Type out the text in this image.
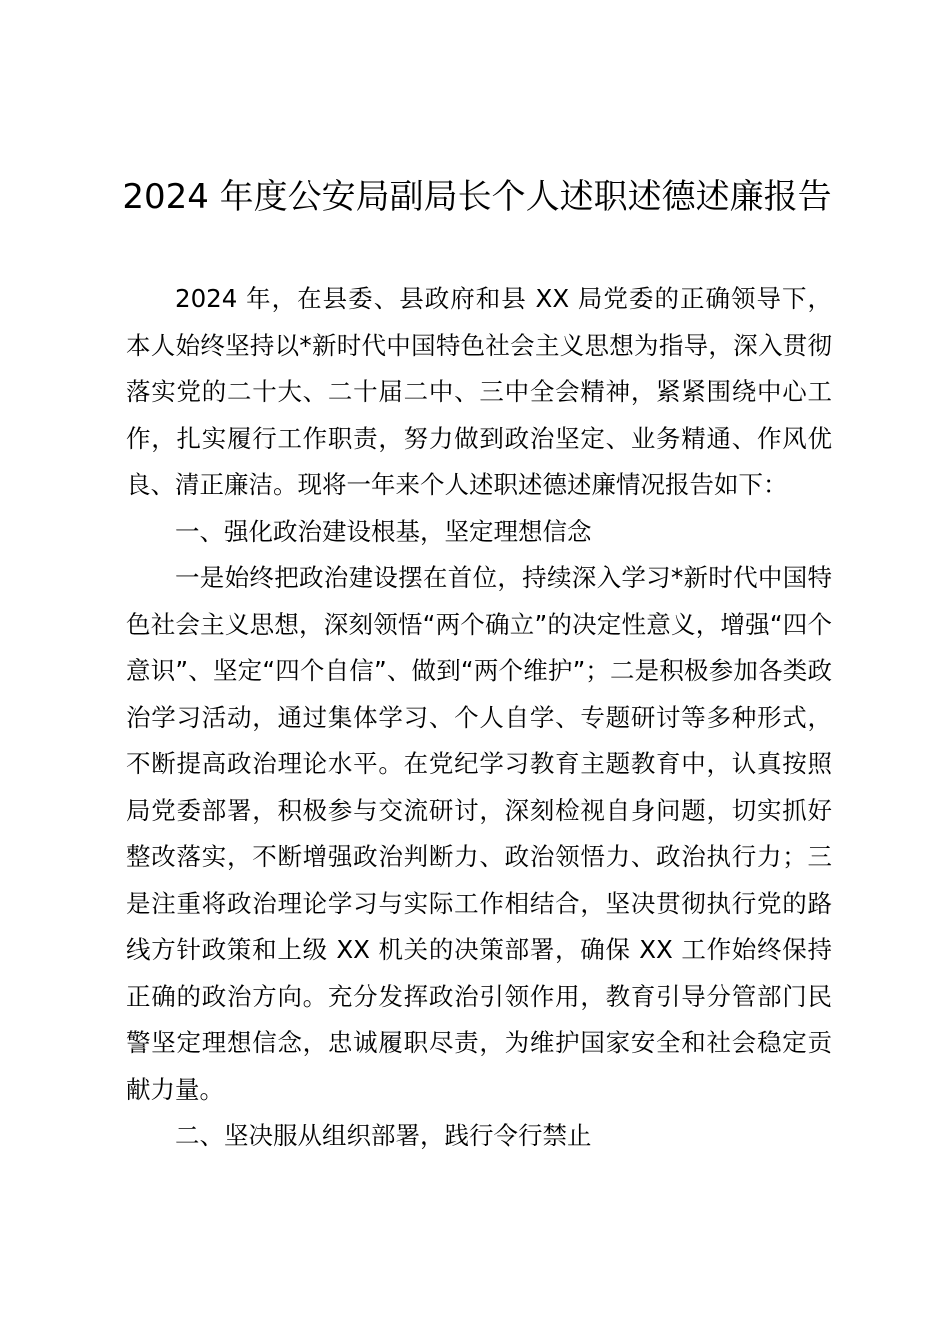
2024 年度公安局副局长个人述职述德述廉报告

2024 年，在县委、县政府和县 XX 局党委的正确领导下，本人始终坚持以*新时代中国特色社会主义思想为指导，深入贯彻落实党的二十大、二十届二中、三中全会精神，紧紧围绕中心工作，扎实履行工作职责，努力做到政治坚定、业务精通、作风优良、清正廉洁。现将一年来个人述职述德述廉情况报告如下：

一、强化政治建设根基，坚定理想信念

一是始终把政治建设摆在首位，持续深入学习*新时代中国特色社会主义思想，深刻领悟“两个确立”的决定性意义，增强“四个意识”、坚定“四个自信”、做到“两个维护”；二是积极参加各类政治学习活动，通过集体学习、个人自学、专题研讨等多种形式，不断提高政治理论水平。在党纪学习教育主题教育中，认真按照局党委部署，积极参与交流研讨，深刻检视自身问题，切实抓好整改落实，不断增强政治判断力、政治领悟力、政治执行力；三是注重将政治理论学习与实际工作相结合，坚决贯彻执行党的路线方针政策和上级 XX 机关的决策部署，确保 XX 工作始终保持正确的政治方向。充分发挥政治引领作用，教育引导分管部门民警坚定理想信念，忠诚履职尽责，为维护国家安全和社会稳定贡献力量。

二、坚决服从组织部署，践行令行禁止
